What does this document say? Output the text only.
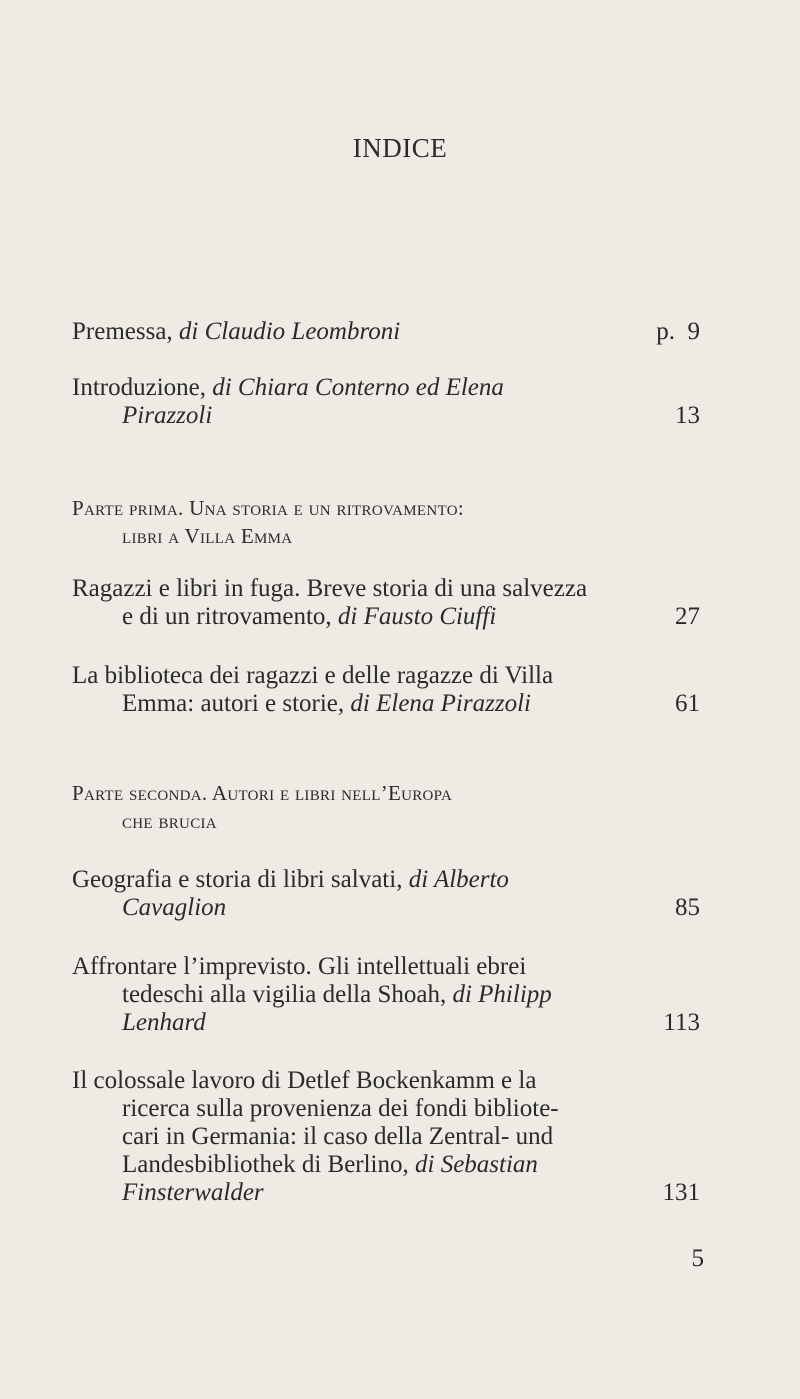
INDICE
Premessa, di Claudio Leombroni	p. 9
Introduzione, di Chiara Conterno ed Elena
Pirazzoli	13
Parte prima. Una storia e un ritrovamento:
libri a Villa Emma
Ragazzi e libri in fuga. Breve storia di una salvezza
e di un ritrovamento, di Fausto Ciuffi	27
La biblioteca dei ragazzi e delle ragazze di Villa
Emma: autori e storie, di Elena Pirazzoli	61
Parte seconda. Autori e libri nell’Europa
che brucia
Geografia e storia di libri salvati, di Alberto
Cavaglion	85
Affrontare l’imprevisto. Gli intellettuali ebrei
tedeschi alla vigilia della Shoah, di Philipp
Lenhard	113
Il colossale lavoro di Detlef Bockenkamm e la
ricerca sulla provenienza dei fondi bibliote-
cari in Germania: il caso della Zentral- und
Landesbibliothek di Berlino, di Sebastian
Finsterwalder	131
5
